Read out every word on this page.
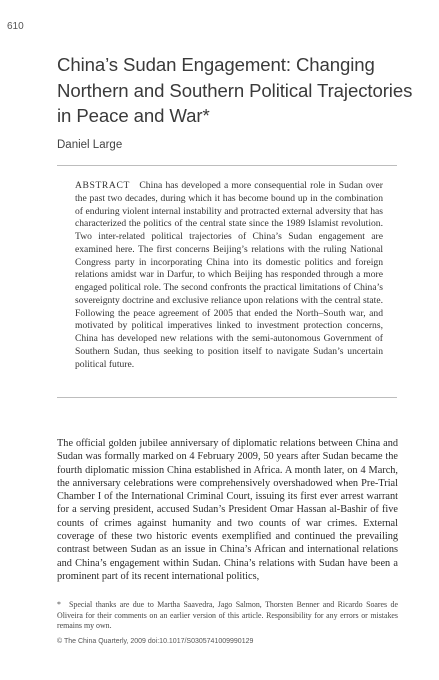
610
China’s Sudan Engagement: Changing Northern and Southern Political Trajectories in Peace and War*
Daniel Large

ABSTRACT China has developed a more consequential role in Sudan over the past two decades, during which it has become bound up in the combination of enduring violent internal instability and protracted external adversity that has characterized the politics of the central state since the 1989 Islamist revolution. Two inter-related political trajectories of China’s Sudan engagement are examined here. The first concerns Beijing’s relations with the ruling National Congress party in incorporating China into its domestic politics and foreign relations amidst war in Darfur, to which Beijing has responded through a more engaged political role. The second confronts the practical limitations of China’s sovereignty doctrine and exclusive reliance upon relations with the central state. Following the peace agreement of 2005 that ended the North–South war, and motivated by political imperatives linked to investment protection concerns, China has developed new relations with the semi-autonomous Government of Southern Sudan, thus seeking to position itself to navigate Sudan’s uncertain political future.

The official golden jubilee anniversary of diplomatic relations between China and Sudan was formally marked on 4 February 2009, 50 years after Sudan became the fourth diplomatic mission China established in Africa. A month later, on 4 March, the anniversary celebrations were comprehensively overshadowed when Pre-Trial Chamber I of the International Criminal Court, issuing its first ever arrest warrant for a serving president, accused Sudan’s President Omar Hassan al-Bashir of five counts of crimes against humanity and two counts of war crimes. External coverage of these two historic events exemplified and continued the prevailing contrast between Sudan as an issue in China’s African and international relations and China’s engagement within Sudan. China’s relations with Sudan have been a prominent part of its recent international politics,

* Special thanks are due to Martha Saavedra, Jago Salmon, Thorsten Benner and Ricardo Soares de Oliveira for their comments on an earlier version of this article. Responsibility for any errors or mistakes remains my own.

© The China Quarterly, 2009 doi:10.1017/S0305741009990129
